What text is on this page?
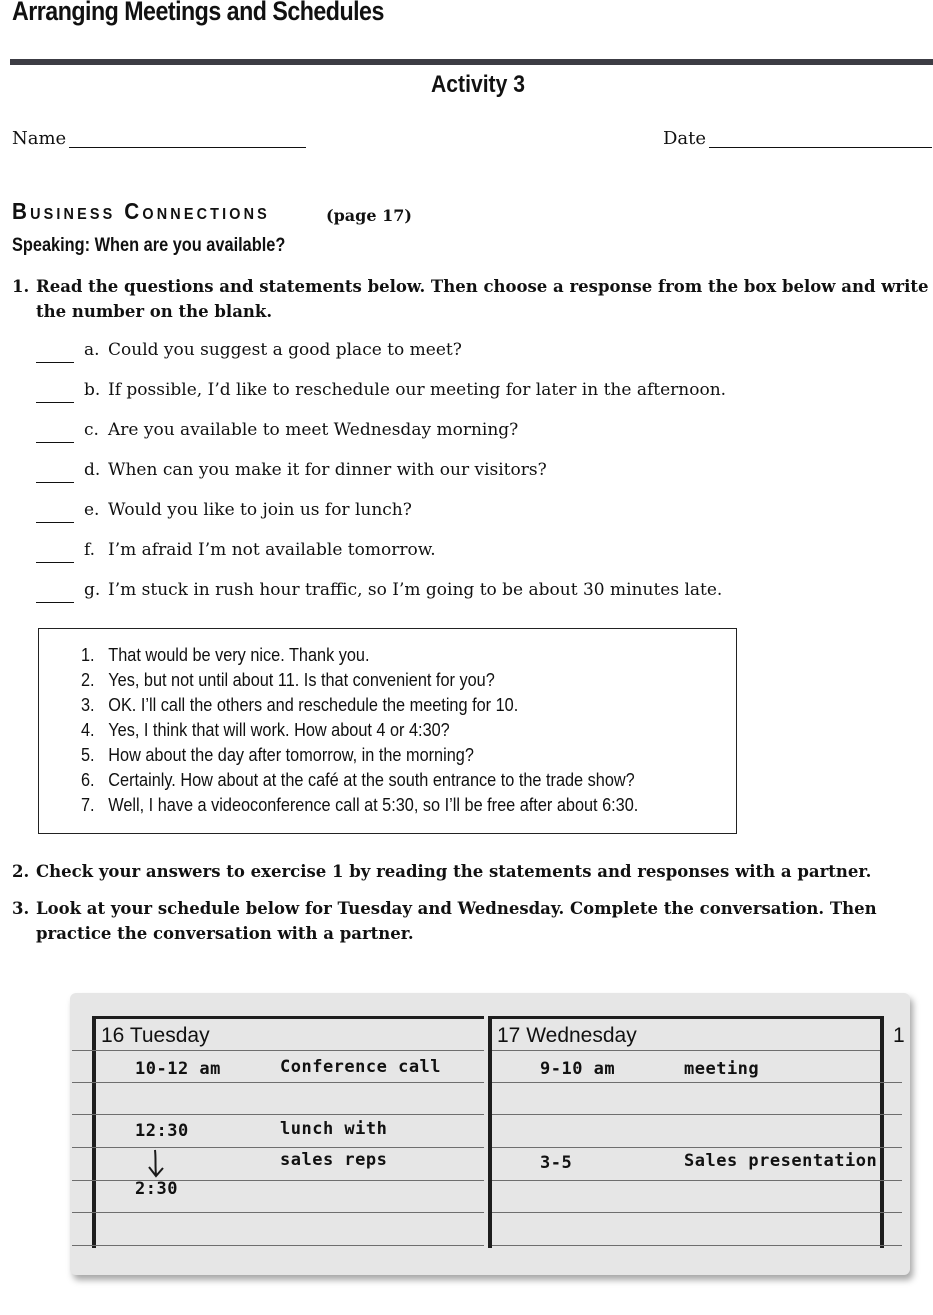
Arranging Meetings and Schedules
Activity 3
Name	Date
Business Connections	(page 17)
Speaking: When are you available?
1. Read the questions and statements below. Then choose a response from the box below and write the number on the blank.
a. Could you suggest a good place to meet?
b. If possible, I’d like to reschedule our meeting for later in the afternoon.
c. Are you available to meet Wednesday morning?
d. When can you make it for dinner with our visitors?
e. Would you like to join us for lunch?
f. I’m afraid I’m not available tomorrow.
g. I’m stuck in rush hour traffic, so I’m going to be about 30 minutes late.
1. That would be very nice. Thank you.
2. Yes, but not until about 11. Is that convenient for you?
3. OK. I’ll call the others and reschedule the meeting for 10.
4. Yes, I think that will work. How about 4 or 4:30?
5. How about the day after tomorrow, in the morning?
6. Certainly. How about at the café at the south entrance to the trade show?
7. Well, I have a videoconference call at 5:30, so I’ll be free after about 6:30.
2. Check your answers to exercise 1 by reading the statements and responses with a partner.
3. Look at your schedule below for Tuesday and Wednesday. Complete the conversation. Then practice the conversation with a partner.
16 Tuesday	17 Wednesday	1
10-12 am	Conference call
12:30	lunch with
sales reps
2:30
9-10 am	meeting
3-5	Sales presentation
